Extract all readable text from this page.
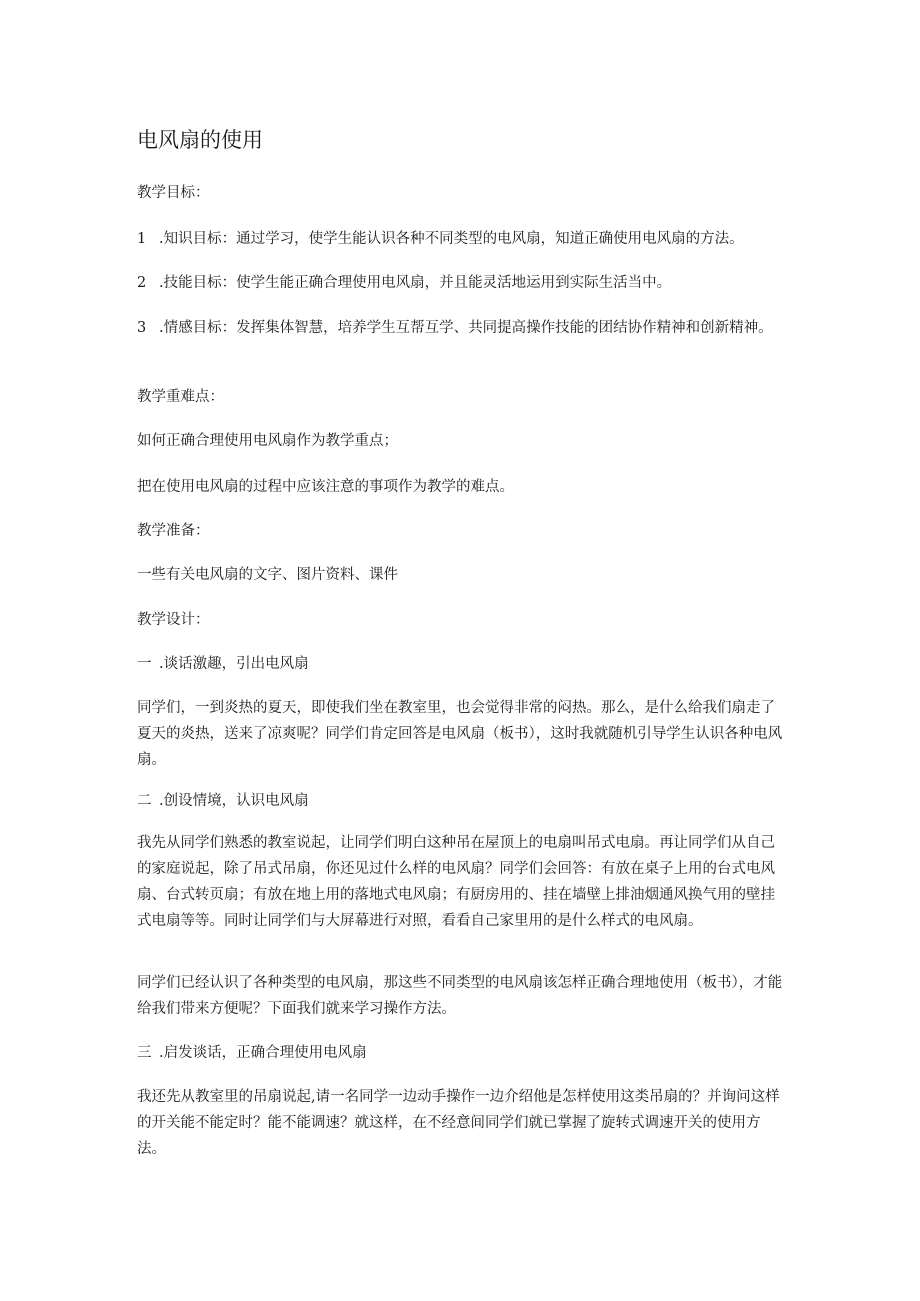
电风扇的使用

教学目标：

1 .知识目标：通过学习，使学生能认识各种不同类型的电风扇，知道正确使用电风扇的方法。

2 .技能目标：使学生能正确合理使用电风扇，并且能灵活地运用到实际生活当中。

3 .情感目标：发挥集体智慧，培养学生互帮互学、共同提高操作技能的团结协作精神和创新精神。

教学重难点：

如何正确合理使用电风扇作为教学重点；

把在使用电风扇的过程中应该注意的事项作为教学的难点。

教学准备：

一些有关电风扇的文字、图片资料、课件

教学设计：

一 .谈话激趣，引出电风扇

同学们，一到炎热的夏天，即使我们坐在教室里，也会觉得非常的闷热。那么，是什么给我们扇走了夏天的炎热，送来了凉爽呢？同学们肯定回答是电风扇（板书），这时我就随机引导学生认识各种电风扇。

二 .创设情境，认识电风扇

我先从同学们熟悉的教室说起，让同学们明白这种吊在屋顶上的电扇叫吊式电扇。再让同学们从自己的家庭说起，除了吊式吊扇，你还见过什么样的电风扇？同学们会回答：有放在桌子上用的台式电风扇、台式转页扇；有放在地上用的落地式电风扇；有厨房用的、挂在墙壁上排油烟通风换气用的壁挂式电扇等等。同时让同学们与大屏幕进行对照，看看自己家里用的是什么样式的电风扇。

同学们已经认识了各种类型的电风扇，那这些不同类型的电风扇该怎样正确合理地使用（板书），才能给我们带来方便呢？下面我们就来学习操作方法。

三 .启发谈话，正确合理使用电风扇

我还先从教室里的吊扇说起,请一名同学一边动手操作一边介绍他是怎样使用这类吊扇的？并询问这样的开关能不能定时？能不能调速？就这样，在不经意间同学们就已掌握了旋转式调速开关的使用方法。
